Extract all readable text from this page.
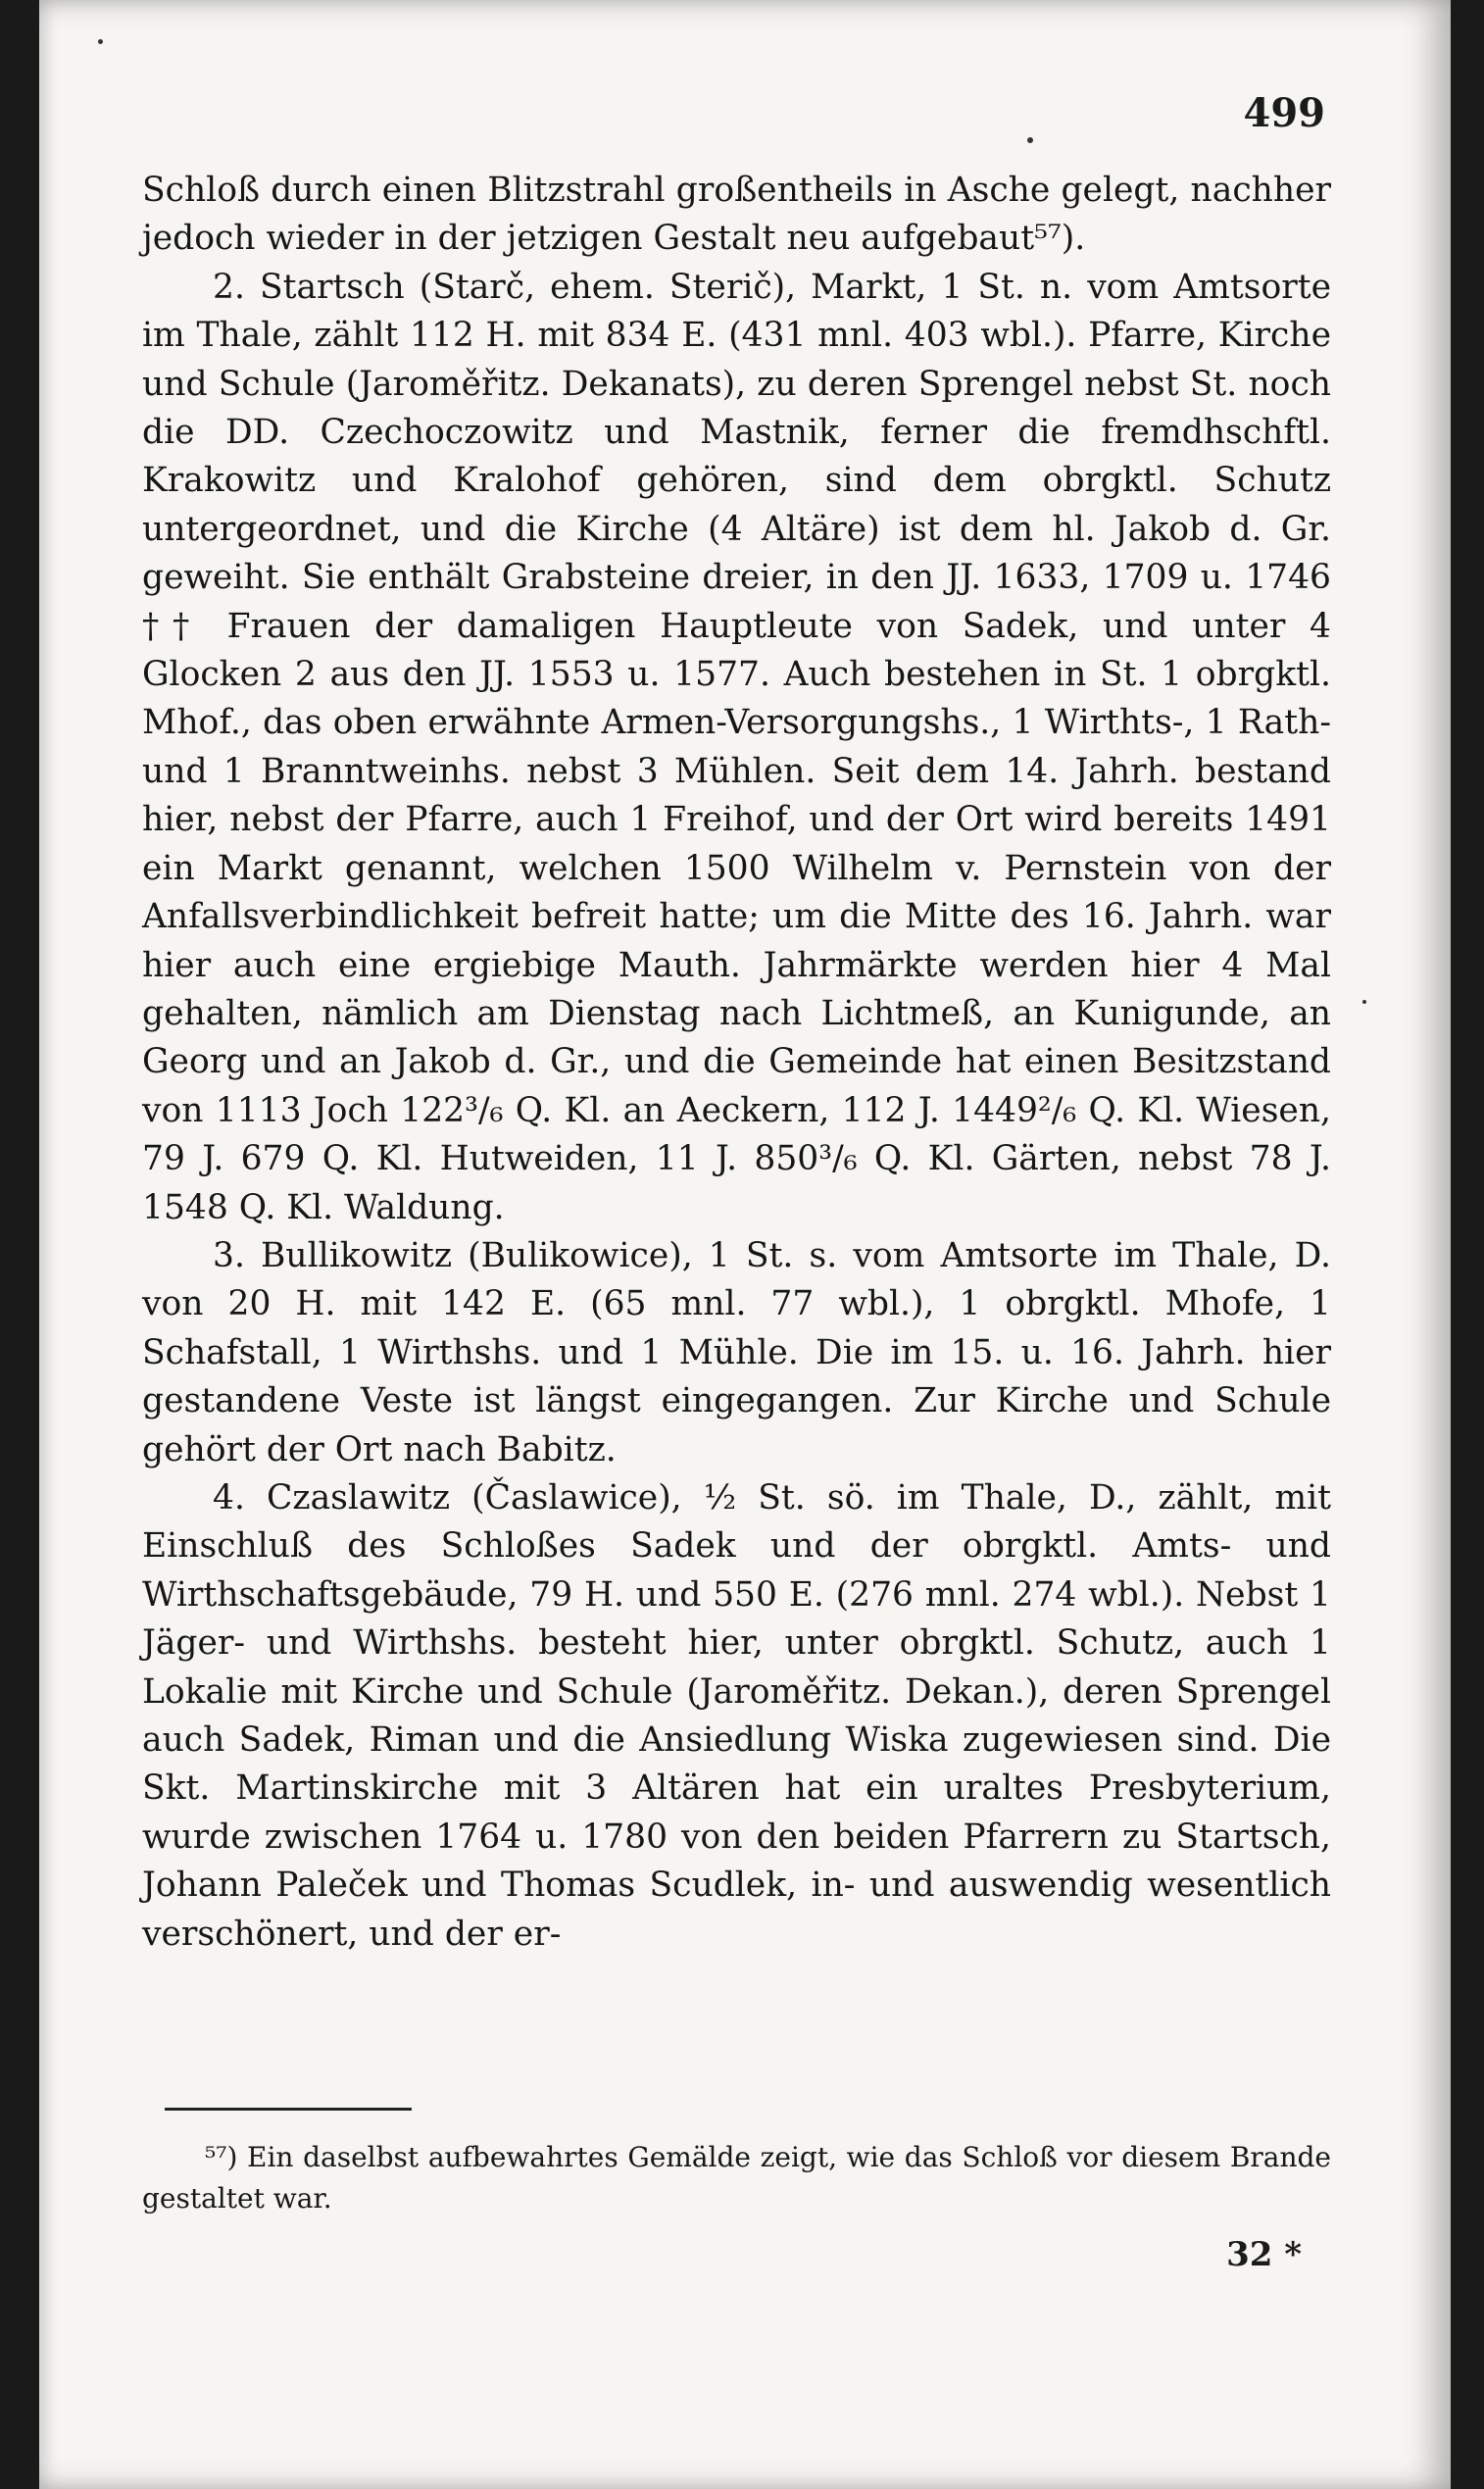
499

Schloß durch einen Blitzstrahl großentheils in Asche gelegt, nachher jedoch wieder in der jetzigen Gestalt neu aufgebaut⁵⁷).

2. Startsch (Starč, ehem. Sterič), Markt, 1 St. n. vom Amtsorte im Thale, zählt 112 H. mit 834 E. (431 mnl. 403 wbl.). Pfarre, Kirche und Schule (Jaroměřitz. Dekanats), zu deren Sprengel nebst St. noch die DD. Czechoczowitz und Mastnik, ferner die fremdhschftl. Krakowitz und Kralohof gehören, sind dem obrgktl. Schutz untergeordnet, und die Kirche (4 Altäre) ist dem hl. Jakob d. Gr. geweiht. Sie enthält Grabsteine dreier, in den JJ. 1633, 1709 u. 1746 †† Frauen der damaligen Hauptleute von Sadek, und unter 4 Glocken 2 aus den JJ. 1553 u. 1577. Auch bestehen in St. 1 obrgktl. Mhof., das oben erwähnte Armen-Versorgungshs., 1 Wirthts-, 1 Rath- und 1 Branntweinhs. nebst 3 Mühlen. Seit dem 14. Jahrh. bestand hier, nebst der Pfarre, auch 1 Freihof, und der Ort wird bereits 1491 ein Markt genannt, welchen 1500 Wilhelm v. Pernstein von der Anfallsverbindlichkeit befreit hatte; um die Mitte des 16. Jahrh. war hier auch eine ergiebige Mauth. Jahrmärkte werden hier 4 Mal gehalten, nämlich am Dienstag nach Lichtmeß, an Kunigunde, an Georg und an Jakob d. Gr., und die Gemeinde hat einen Besitzstand von 1113 Joch 122³/₆ Q. Kl. an Aeckern, 112 J. 1449²/₆ Q. Kl. Wiesen, 79 J. 679 Q. Kl. Hutweiden, 11 J. 850³/₆ Q. Kl. Gärten, nebst 78 J. 1548 Q. Kl. Waldung.

3. Bullikowitz (Bulikowice), 1 St. s. vom Amtsorte im Thale, D. von 20 H. mit 142 E. (65 mnl. 77 wbl.), 1 obrgktl. Mhofe, 1 Schafstall, 1 Wirthshs. und 1 Mühle. Die im 15. u. 16. Jahrh. hier gestandene Veste ist längst eingegangen. Zur Kirche und Schule gehört der Ort nach Babitz.

4. Czaslawitz (Časlawice), ½ St. sö. im Thale, D., zählt, mit Einschluß des Schloßes Sadek und der obrgktl. Amts- und Wirthschaftsgebäude, 79 H. und 550 E. (276 mnl. 274 wbl.). Nebst 1 Jäger- und Wirthshs. besteht hier, unter obrgktl. Schutz, auch 1 Lokalie mit Kirche und Schule (Jaroměřitz. Dekan.), deren Sprengel auch Sadek, Riman und die Ansiedlung Wiska zugewiesen sind. Die Skt. Martinskirche mit 3 Altären hat ein uraltes Presbyterium, wurde zwischen 1764 u. 1780 von den beiden Pfarrern zu Startsch, Johann Paleček und Thomas Scudlek, in- und auswendig wesentlich verschönert, und der er-

⁵⁷) Ein daselbst aufbewahrtes Gemälde zeigt, wie das Schloß vor diesem Brande gestaltet war.
32 *
